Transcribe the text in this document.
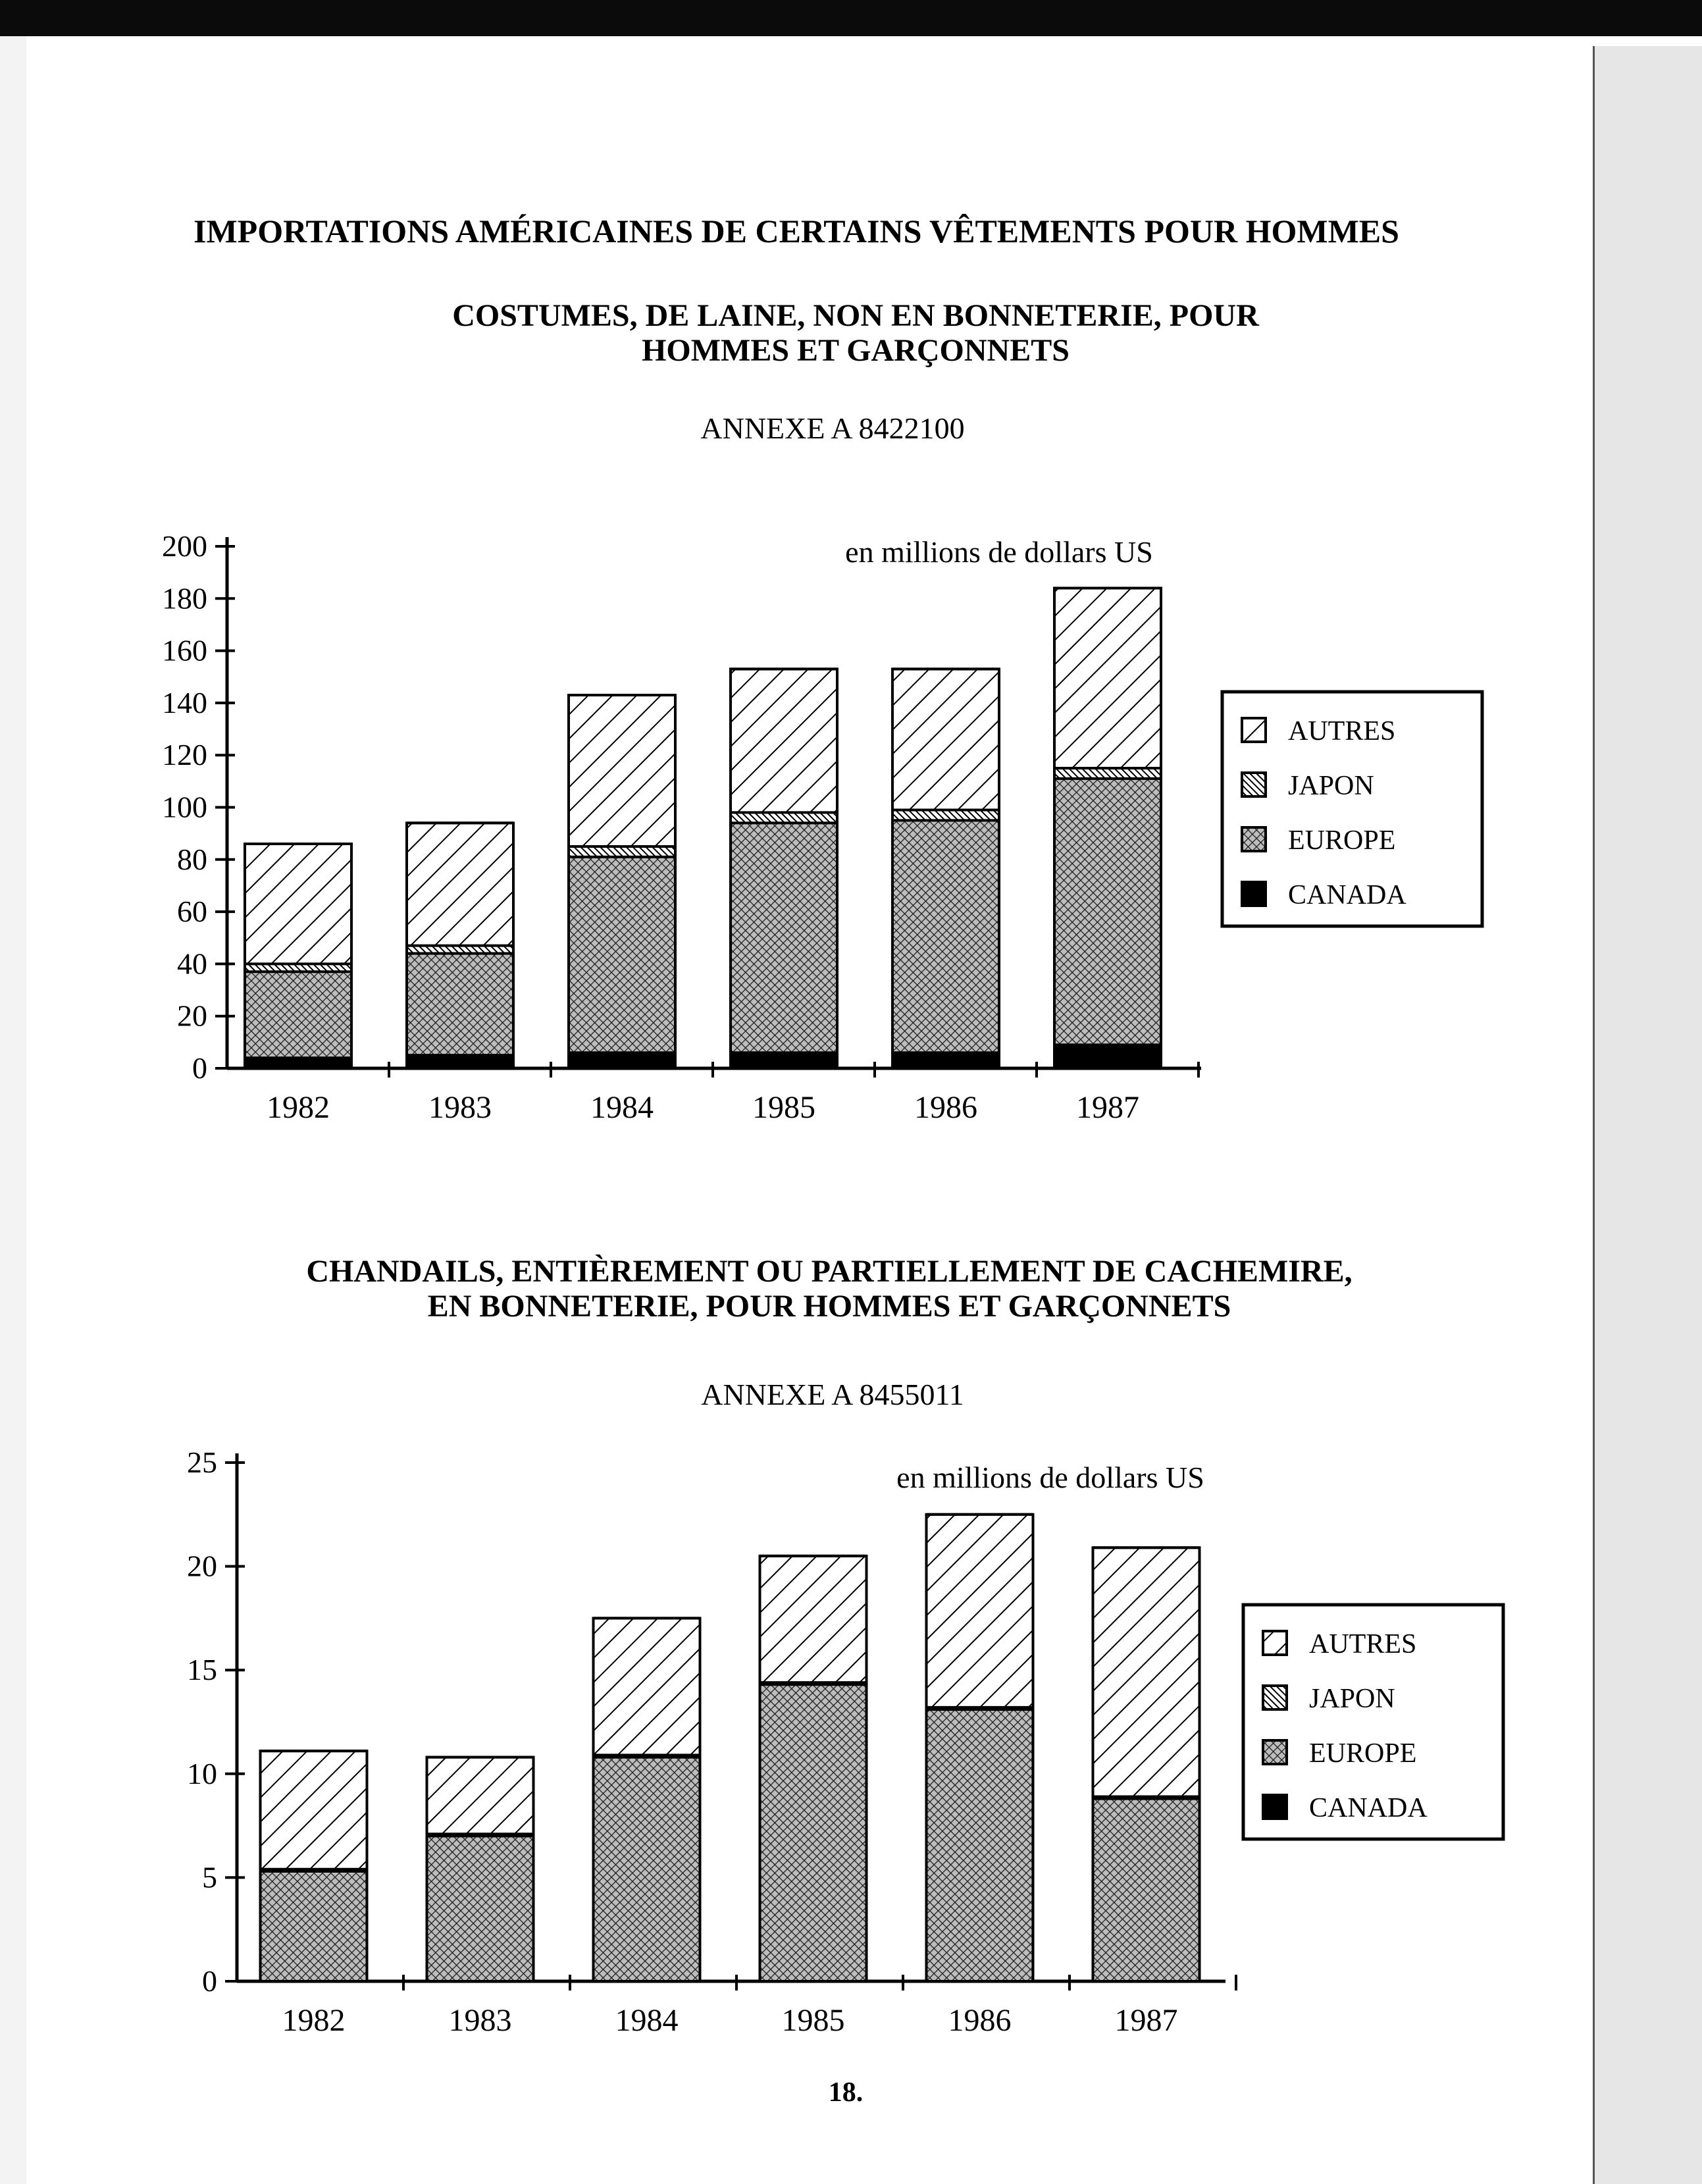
IMPORTATIONS AMÉRICAINES DE CERTAINS VÊTEMENTS POUR HOMMES
COSTUMES, DE LAINE, NON EN BONNETERIE, POUR
HOMMES ET GARÇONNETS
ANNEXE A 8422100
CHANDAILS, ENTIÈREMENT OU PARTIELLEMENT DE CACHEMIRE,
EN BONNETERIE, POUR HOMMES ET GARÇONNETS
ANNEXE A 8455011
0
20
40
60
80
100
120
140
160
180
200
1982	1983	1984	1985	1986	1987
en millions de dollars US
AUTRES
JAPON
EUROPE
CANADA
0
5
10
15
20
25
1982	1983	1984	1985	1986	1987
en millions de dollars US
AUTRES
JAPON
EUROPE
CANADA
18.
